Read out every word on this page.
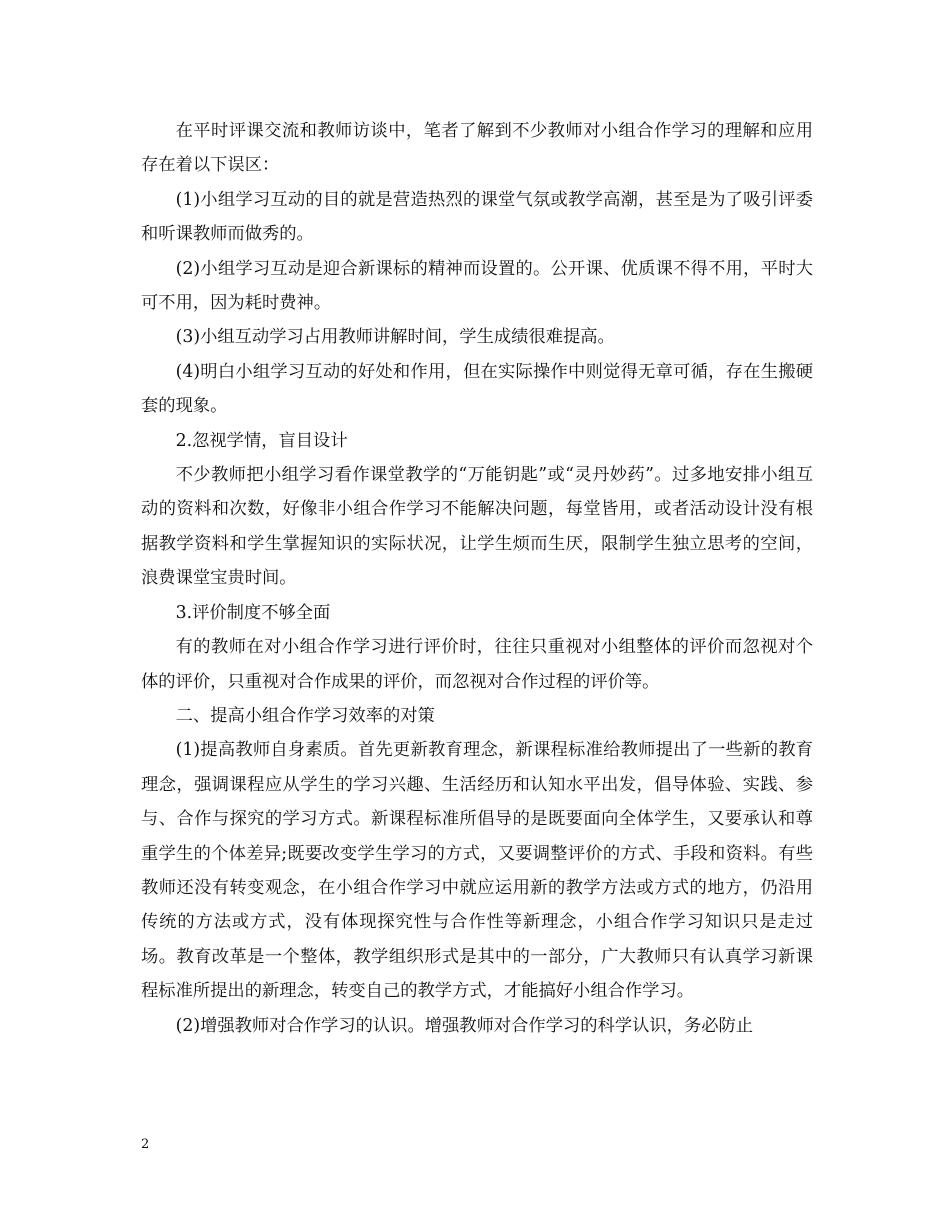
在平时评课交流和教师访谈中，笔者了解到不少教师对小组合作学习的理解和应用存在着以下误区：

(1)小组学习互动的目的就是营造热烈的课堂气氛或教学高潮，甚至是为了吸引评委和听课教师而做秀的。

(2)小组学习互动是迎合新课标的精神而设置的。公开课、优质课不得不用，平时大可不用，因为耗时费神。

(3)小组互动学习占用教师讲解时间，学生成绩很难提高。

(4)明白小组学习互动的好处和作用，但在实际操作中则觉得无章可循，存在生搬硬套的现象。

2.忽视学情，盲目设计

不少教师把小组学习看作课堂教学的“万能钥匙”或“灵丹妙药”。过多地安排小组互动的资料和次数，好像非小组合作学习不能解决问题，每堂皆用，或者活动设计没有根据教学资料和学生掌握知识的实际状况，让学生烦而生厌，限制学生独立思考的空间，浪费课堂宝贵时间。

3.评价制度不够全面

有的教师在对小组合作学习进行评价时，往往只重视对小组整体的评价而忽视对个体的评价，只重视对合作成果的评价，而忽视对合作过程的评价等。

二、提高小组合作学习效率的对策

(1)提高教师自身素质。首先更新教育理念，新课程标准给教师提出了一些新的教育理念，强调课程应从学生的学习兴趣、生活经历和认知水平出发，倡导体验、实践、参与、合作与探究的学习方式。新课程标准所倡导的是既要面向全体学生，又要承认和尊重学生的个体差异;既要改变学生学习的方式，又要调整评价的方式、手段和资料。有些教师还没有转变观念，在小组合作学习中就应运用新的教学方法或方式的地方，仍沿用传统的方法或方式，没有体现探究性与合作性等新理念，小组合作学习知识只是走过场。教育改革是一个整体，教学组织形式是其中的一部分，广大教师只有认真学习新课程标准所提出的新理念，转变自己的教学方式，才能搞好小组合作学习。

(2)增强教师对合作学习的认识。增强教师对合作学习的科学认识，务必防止

2
